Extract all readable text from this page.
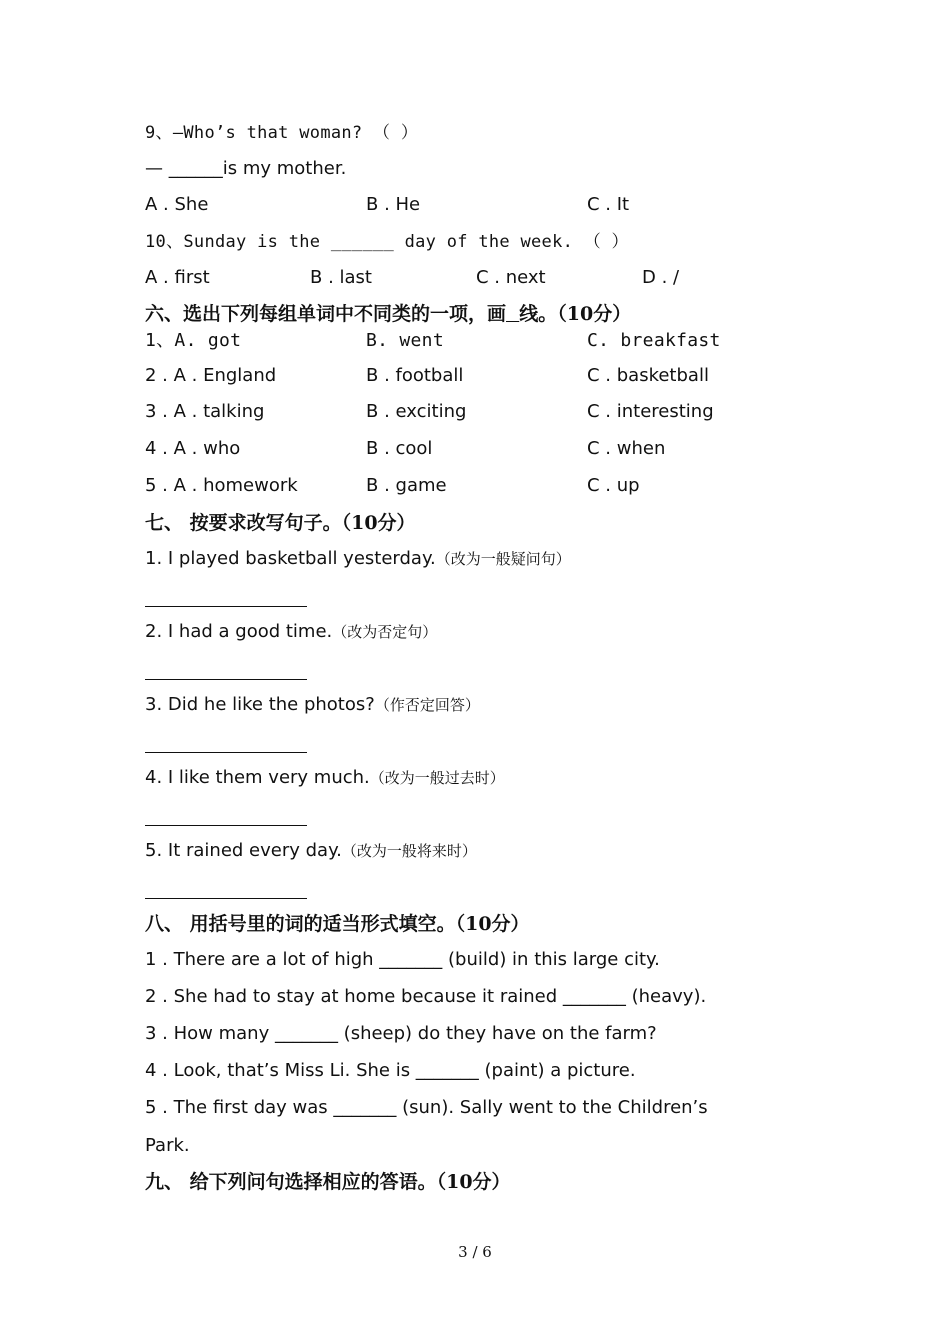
9、—Who’s that woman? （ ）
— ______is my mother.
A . She	B . He	C . It
10、Sunday is the ______ day of the week. （ ）
A . first	B . last	C . next	D . /
六、选出下列每组单词中不同类的一项，画 线。（10分）
1、A. got	B. went	C. breakfast
2 . A . England	B . football	C . basketball
3 . A . talking	B . exciting	C . interesting
4 . A . who	B . cool	C . when
5 . A . homework	B . game	C . up
七、 按要求改写句子。（10分）
1. I played basketball yesterday.（改为一般疑问句）
2. I had a good time.（改为否定句）
3. Did he like the photos?（作否定回答）
4. I like them very much.（改为一般过去时）
5. It rained every day.（改为一般将来时）
八、 用括号里的词的适当形式填空。（10分）
1 . There are a lot of high _______ (build) in this large city.
2 . She had to stay at home because it rained _______ (heavy).
3 . How many _______ (sheep) do they have on the farm?
4 . Look, that’s Miss Li. She is _______ (paint) a picture.
5 . The first day was _______ (sun). Sally went to the Children’s
Park.
九、 给下列问句选择相应的答语。（10分）
3 / 6
